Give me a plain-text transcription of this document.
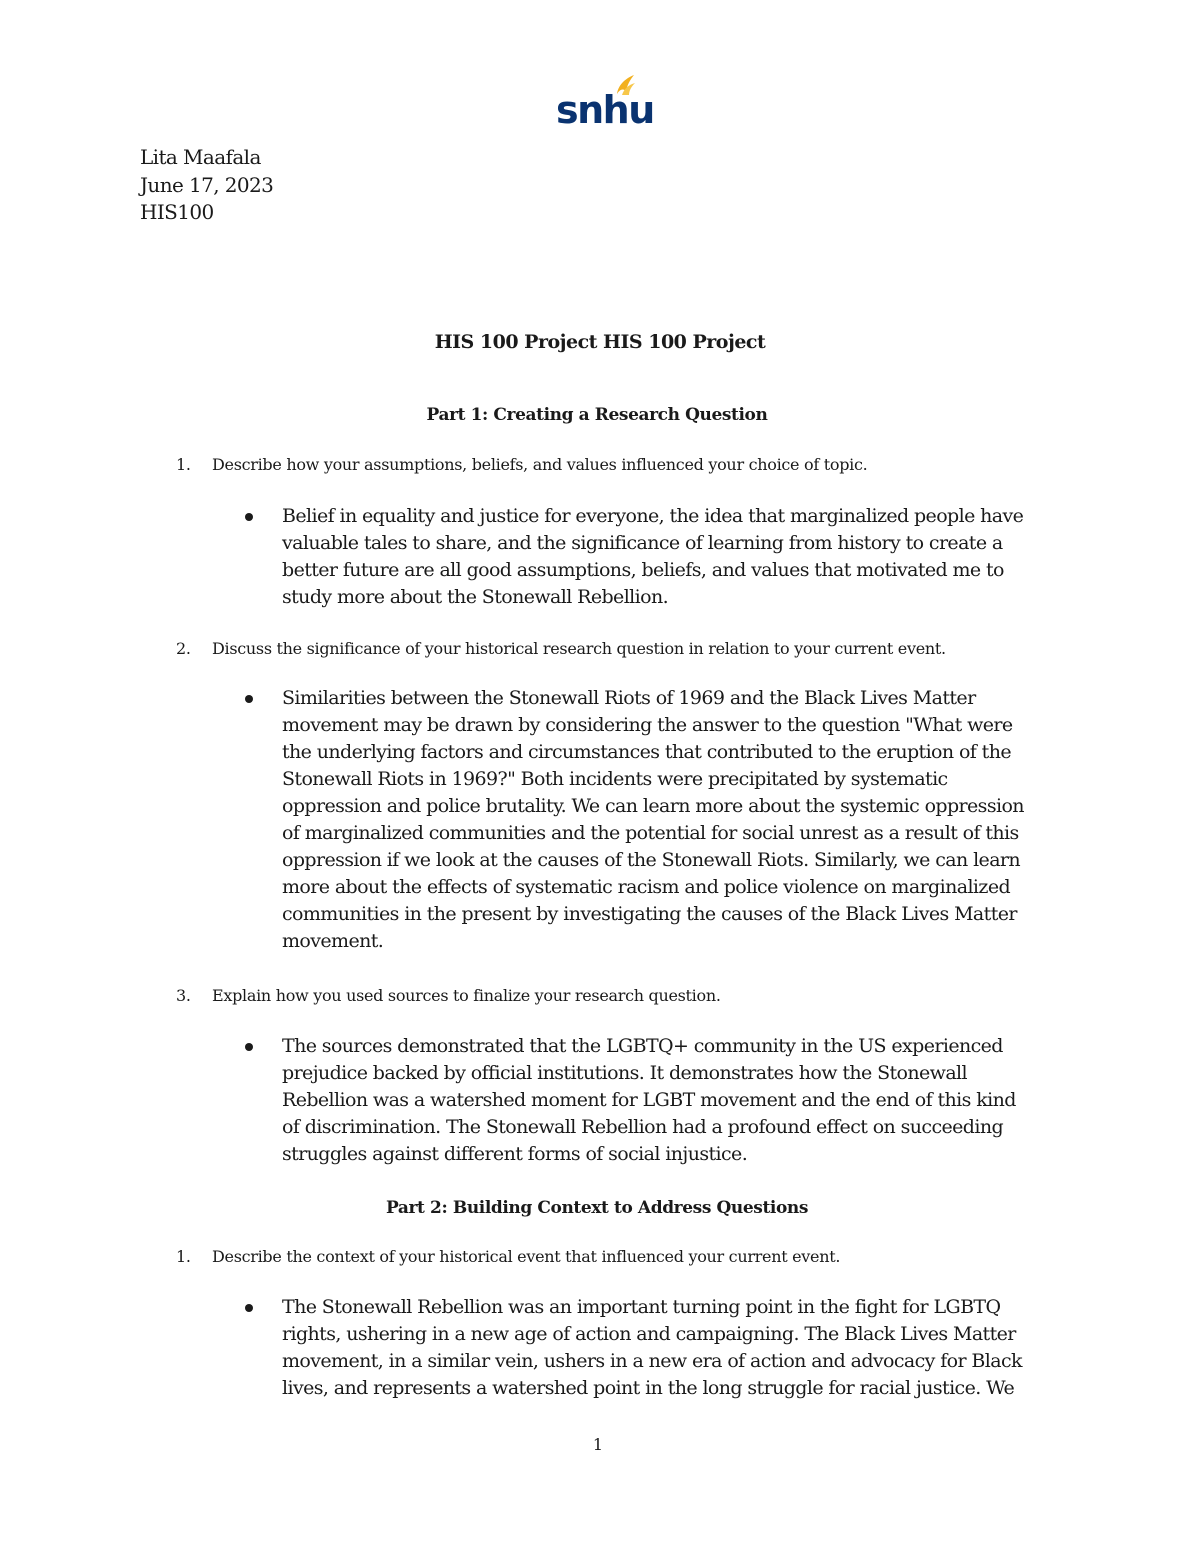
snhu
Lita Maafala
June 17, 2023
HIS100
HIS 100 Project HIS 100 Project
Part 1: Creating a Research Question
1. Describe how your assumptions, beliefs, and values influenced your choice of topic.
Belief in equality and justice for everyone, the idea that marginalized people have
valuable tales to share, and the significance of learning from history to create a
better future are all good assumptions, beliefs, and values that motivated me to
study more about the Stonewall Rebellion.
2. Discuss the significance of your historical research question in relation to your current event.
Similarities between the Stonewall Riots of 1969 and the Black Lives Matter
movement may be drawn by considering the answer to the question "What were
the underlying factors and circumstances that contributed to the eruption of the
Stonewall Riots in 1969?" Both incidents were precipitated by systematic
oppression and police brutality. We can learn more about the systemic oppression
of marginalized communities and the potential for social unrest as a result of this
oppression if we look at the causes of the Stonewall Riots. Similarly, we can learn
more about the effects of systematic racism and police violence on marginalized
communities in the present by investigating the causes of the Black Lives Matter
movement.
3. Explain how you used sources to finalize your research question.
The sources demonstrated that the LGBTQ+ community in the US experienced
prejudice backed by official institutions. It demonstrates how the Stonewall
Rebellion was a watershed moment for LGBT movement and the end of this kind
of discrimination. The Stonewall Rebellion had a profound effect on succeeding
struggles against different forms of social injustice.
Part 2: Building Context to Address Questions
1. Describe the context of your historical event that influenced your current event.
The Stonewall Rebellion was an important turning point in the fight for LGBTQ
rights, ushering in a new age of action and campaigning. The Black Lives Matter
movement, in a similar vein, ushers in a new era of action and advocacy for Black
lives, and represents a watershed point in the long struggle for racial justice. We
1
